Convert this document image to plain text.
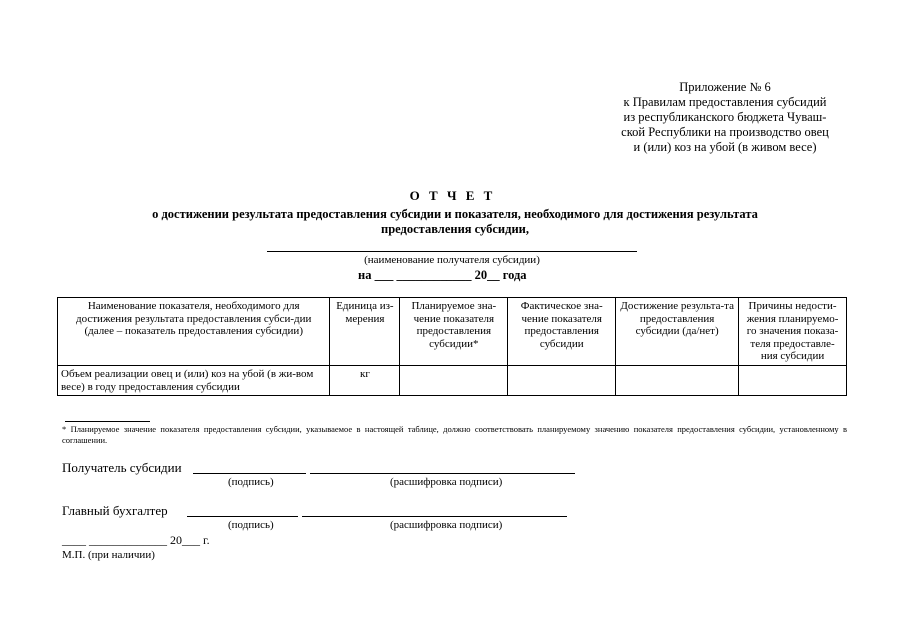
Приложение № 6
к Правилам предоставления субсидий
из республиканского бюджета Чуваш-
ской Республики на производство овец
и (или) коз на убой (в живом весе)
О Т Ч Е Т
о достижении результата предоставления субсидии и показателя, необходимого для достижения результата
предоставления субсидии,
(наименование получателя субсидии)
на ___ ____________ 20__ года
Наименование показателя, необходимого для достижения результата предоставления субси-дии (далее – показатель предоставления субсидии)	Единица из-мерения	Планируемое зна-чение показателя предоставления субсидии*	Фактическое зна-чение показателя предоставления субсидии	Достижение результа-та предоставления субсидии (да/нет)	Причины недости-жения планируемо-го значения показа-теля предоставле-ния субсидии
Объем реализации овец и (или) коз на убой (в жи-вом весе) в году предоставления субсидии	кг				
* Планируемое значение показателя предоставления субсидии, указываемое в настоящей таблице, должно соответствовать планируемому значению показателя предоставления субсидии, установленному в соглашении.
Получатель субсидии
(подпись)	(расшифровка подписи)
Главный бухгалтер
(подпись)	(расшифровка подписи)
____ _____________ 20___ г.
М.П. (при наличии)
